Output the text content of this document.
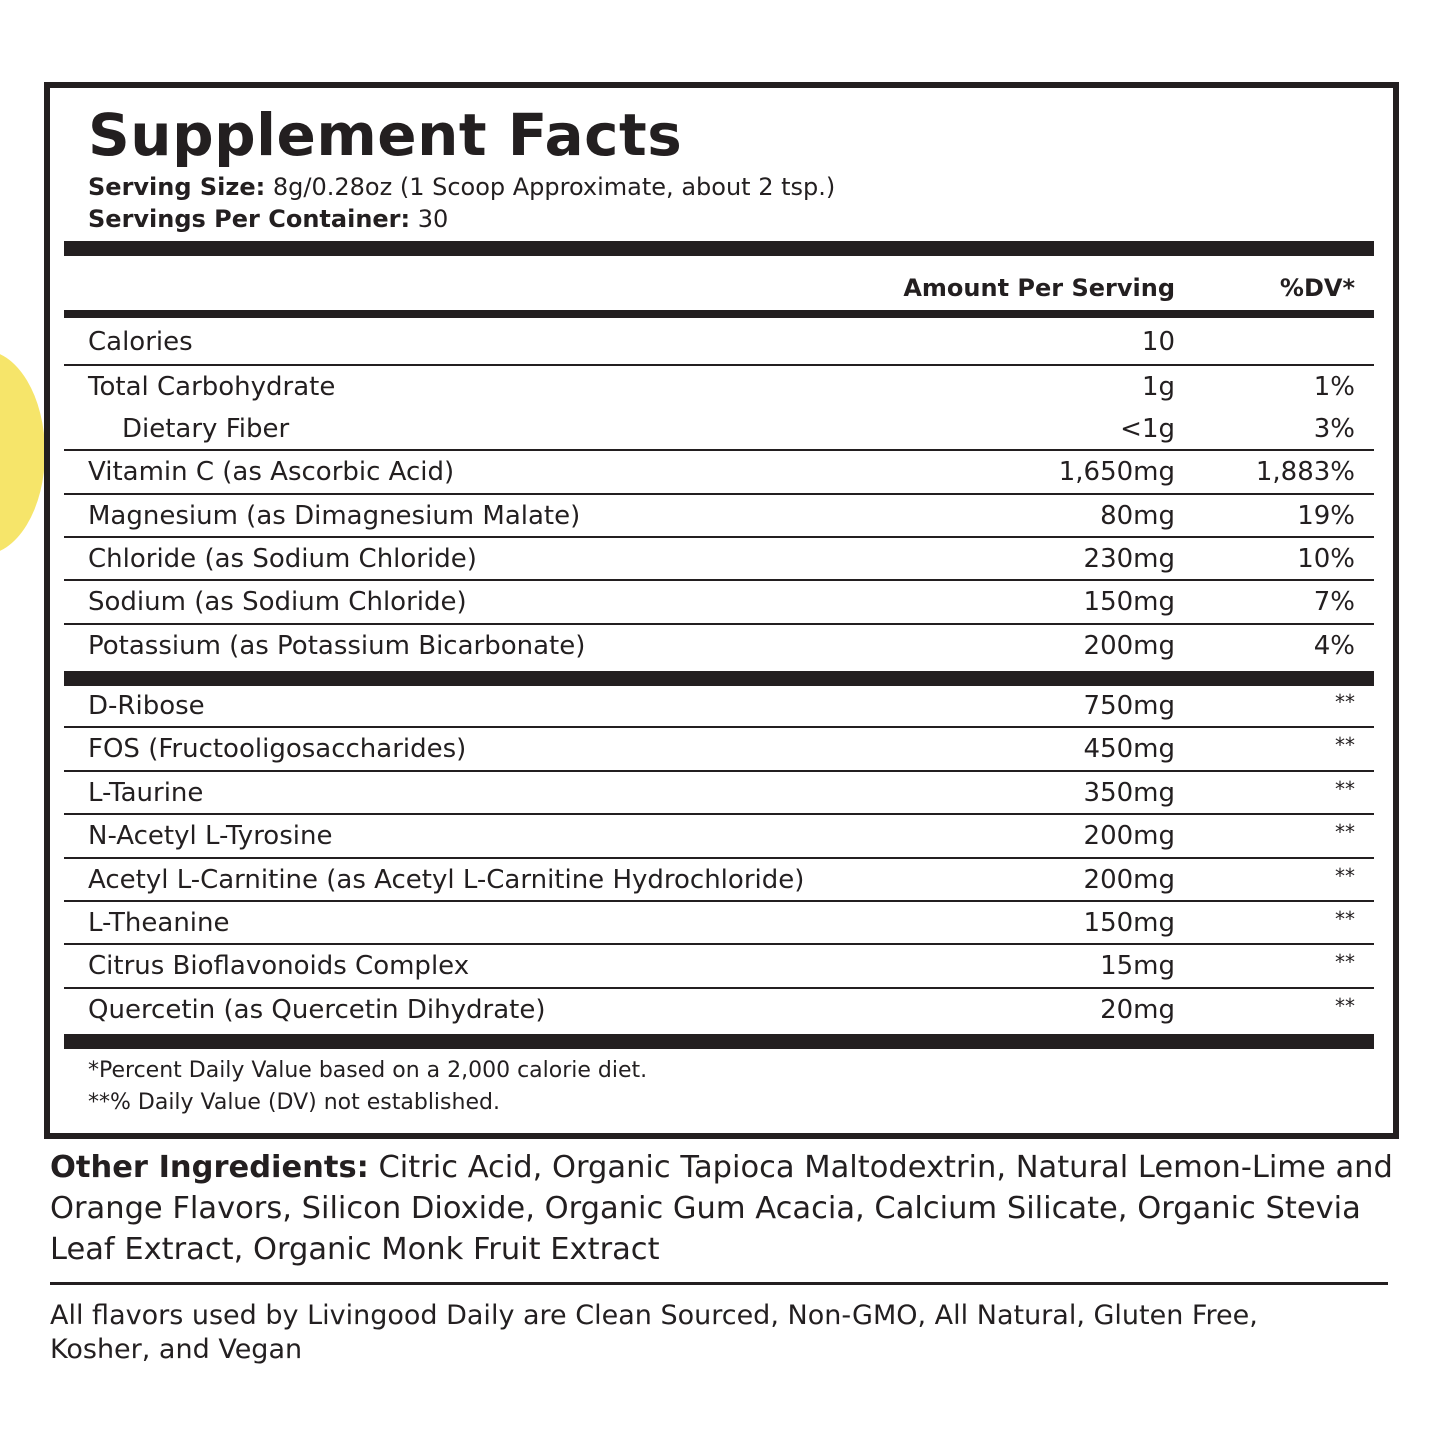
Supplement Facts
Serving Size: 8g/0.28oz (1 Scoop Approximate, about 2 tsp.)
Servings Per Container: 30
Amount Per Serving	%DV*
Calories	10
Total Carbohydrate	1g	1%
Dietary Fiber	<1g	3%
Vitamin C (as Ascorbic Acid)	1,650mg	1,883%
Magnesium (as Dimagnesium Malate)	80mg	19%
Chloride (as Sodium Chloride)	230mg	10%
Sodium (as Sodium Chloride)	150mg	7%
Potassium (as Potassium Bicarbonate)	200mg	4%
D-Ribose	750mg	**
FOS (Fructooligosaccharides)	450mg	**
L-Taurine	350mg	**
N-Acetyl L-Tyrosine	200mg	**
Acetyl L-Carnitine (as Acetyl L-Carnitine Hydrochloride)	200mg	**
L-Theanine	150mg	**
Citrus Bioflavonoids Complex	15mg	**
Quercetin (as Quercetin Dihydrate)	20mg	**
*Percent Daily Value based on a 2,000 calorie diet.
**% Daily Value (DV) not established.
Other Ingredients: Citric Acid, Organic Tapioca Maltodextrin, Natural Lemon-Lime and Orange Flavors, Silicon Dioxide, Organic Gum Acacia, Calcium Silicate, Organic Stevia Leaf Extract, Organic Monk Fruit Extract
All flavors used by Livingood Daily are Clean Sourced, Non-GMO, All Natural, Gluten Free, Kosher, and Vegan
